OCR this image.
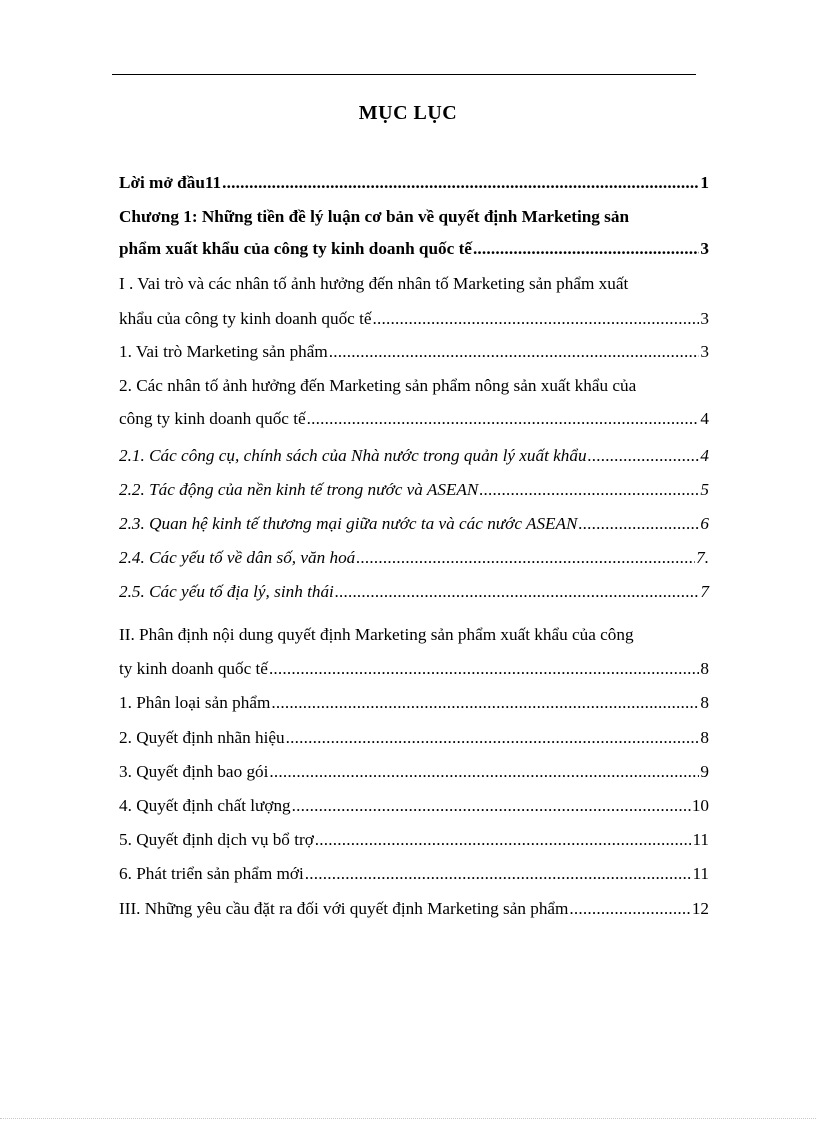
MỤC LỤC
Lời mở đầu11 .....	1
Chương 1: Những tiền đề lý luận cơ bản về quyết định Marketing sản
phẩm xuất khẩu của công ty kinh doanh quốc tế .....	3
I . Vai trò và các nhân tố ảnh hưởng đến nhân tố Marketing sản phẩm xuất
khẩu của công ty kinh doanh quốc tế .....	3
1. Vai trò Marketing sản phẩm .....	3
2. Các nhân tố ảnh hưởng đến Marketing sản phẩm nông sản xuất khẩu của
công ty kinh doanh quốc tế .....	4
2.1. Các công cụ, chính sách của Nhà nước trong quản lý xuất khẩu .....	4
2.2. Tác động của nền kinh tế trong nước và ASEAN .....	5
2.3. Quan hệ kinh tế thương mại giữa nước ta và các nước ASEAN .....	6
2.4. Các yếu tố về dân số, văn hoá .....	7.
2.5. Các yếu tố địa lý, sinh thái .....	7
II. Phân định nội dung quyết định Marketing sản phẩm xuất khẩu của công
ty kinh doanh quốc tế .....	8
1. Phân loại sản phẩm .....	8
2. Quyết định nhãn hiệu .....	8
3. Quyết định bao gói .....	9
4. Quyết định chất lượng .....	10
5. Quyết định dịch vụ bổ trợ .....	11
6. Phát triển sản phẩm mới .....	11
III. Những yêu cầu đặt ra đối với quyết định Marketing sản phẩm .....	12
